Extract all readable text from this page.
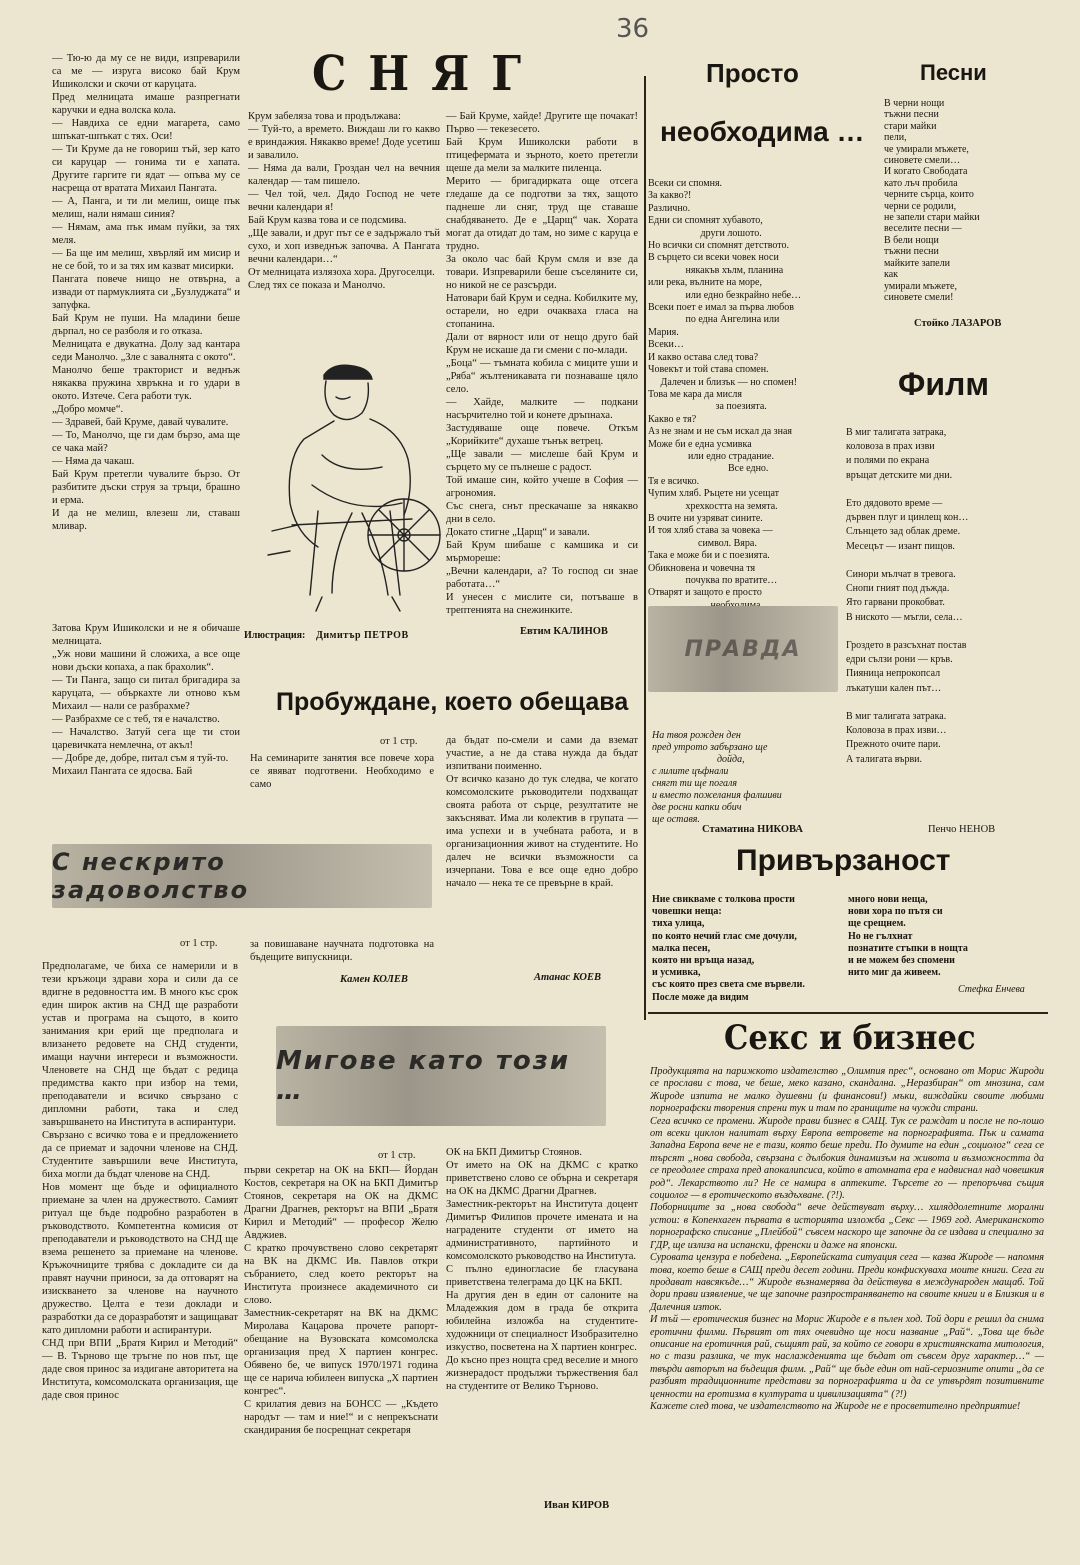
36
СНЯГ
— Тю-ю да му се не види, изпреварили са ме — изруга високо бай Крум Ишиколски и скочи от каруцата.
Пред мелницата имаше разпрегнати каручки и една волска кола.
— Навдиха се едни магарета, само шпъкат-шпъкат с тях. Оси!
— Ти Круме да не говориш тъй, зер като си каруцар — гонима ти е хапата. Другите гаргите ги ядат — опъва му се насреща от вратата Михаил Пангата.
— А, Панга, и ти ли мелиш, оище пък мелиш, нали нямаш синия?
— Нямам, ама пък имам пуйки, за тях меля.
— Ба ще им мелиш, хвърляй им мисир и не се бой, то и за тях им казват мисирки.
Пангата повече нищо не отвърна, а извади от пармуклията си „Бузлуджата“ и запуфка.
Бай Крум не пуши. На младини беше дърпал, но се разболя и го отказа.
Мелницата е двукатна. Долу зад кантара седи Манолчо. „Зле с завалнята с окото“.
Манолчо беше тракторист и веднъж някаква пружина хвръкна и го удари в окото. Изтече. Сега работи тук.
„Добро момче“.
— Здравей, бай Круме, давай чувалите.
— То, Манолчо, ще ги дам бързо, ама ще се чака май?
— Няма да чакаш.
Бай Крум претегли чувалите бързо. От разбитите дъски струя за тръци, брашно и ерма.
И да не мелиш, влезеш ли, ставаш мливар.
Затова Крум Ишиколски и не я обичаше мелницата.
„Уж нови машини й сложиха, а все още нови дъски копаха, а пак брахолик“.
— Ти Панга, защо си питал бригадира за каруцата, — объркахте ли отново към Михаил — нали се разбрахме?
— Разбрахме се с теб, тя е началство.
— Началство. Затуй сега ще ти стои царевичката немлечна, от акъл!
— Добре де, добре, питал съм я туй-то.
Михаил Пангата се ядосва. Бай
Крум забеляза това и продължава:
— Туй-то, а времето. Виждаш ли го какво е вриндажия. Някакво време! Доде усетиш и завалило.
— Няма да вали, Гроздан чел на вечния календар — там пишело.
— Чел той, чел. Дядо Господ не чете вечни календари я!
Бай Крум казва това и се подсмива.
„Ще завали, и друг път се е задържало тъй сухо, и хоп изведнъж започва. А Пангата вечни календари…“
От мелницата излязоха хора. Другоселци.
След тях се показа и Манолчо.
— Бай Круме, хайде! Другите ще почакат! Първо — текезесето.
Бай Крум Ишиколски работи в птицефермата и зърното, което претегли щеше да мели за малките пиленца.
Мерито — бригадирката още отсега гледаше да се подготви за тях, защото паднеше ли сняг, труд ще ставаше снабдяването. Де е „Царщ“ чак. Хората могат да отидат до там, но зиме с каруца е трудно.
За около час бай Крум смля и взе да товари. Изпреварили беше съселяните си, но никой не се разсърди.
Натовари бай Крум и седна. Кобилките му, остарели, но едри очакваха гласа на стопанина.
Дали от вярност или от нещо друго бай Крум не искаше да ги смени с по-млади.
„Боца“ — тъмната кобила с миците уши и „Ряба“ жълтеникавата ги познаваше цяло село.
— Хайде, малките — подкани насърчително той и конете дръпнаха.
Застудяваше още повече. Откъм „Корийките“ духаше тънък ветрец.
„Ще завали — мислеше бай Крум и сърцето му се пълнеше с радост.
Той имаше син, който учеше в София — агрономия.
Със снега, снът прескачаше за някакво дни в село.
Докато стигне „Царщ“ и завали.
Бай Крум шибаше с камшика и си мърмореше:
„Вечни календари, а? То господ си знае работата…“
И унесен с мислите си, потъваше в трептенията на снежинките.
Илюстрация: Димитър ПЕТРОВ	Евтим КАЛИНОВ
Просто
необходима …
Всеки си спомня.
За какво?!
Различно.
Едни си спомнят хубавото,
други лошото.
Но всички си спомнят детството.
В сърцето си всеки човек носи
някакъв хълм, планина
или река, вълните на море,
или едно безкрайно небе…
Всеки поет е имал за първа любов
по една Ангелина или
Мария.
Всеки…
И какво остава след това?
Човекът и той става спомен.
Далечен и близък — но спомен!
Това ме кара да мисля
за поезията.
Какво е тя?
Аз не знам и не съм искал да зная
Може би е една усмивка
или едно страдание.
Все едно.
Тя е всичко.
Чупим хляб. Ръцете ни усещат
хрехкостта на земята.
В очите ни узряват сините.
И тоя хляб става за човека —
символ. Вяра.
Така е може би и с поезията.
Обикновена и човечна тя
почуква по вратите…
Отварят и защото е просто

Песни
В черни нощи
тъжни песни
стари майки
пели,
че умирали мъжете,
синовете смели…
И когато Свободата
като лъч пробила
черните сърца, които
черни се родили,
не запели стари майки
веселите песни —
В бели нощи
тъжни песни
майките запели
как
умирали мъжете,
синовете смели!
Стойко ЛАЗАРОВ
Филм
В миг талигата затрака,
коловоза в прах изви
и полями по екрана
връщат детските ми дни.

Ето дядовото време —
дървен плуг и цинлещ кон…
Слънцето зад облак дреме.
Месецът — изант пищов.

Синори мълчат в тревога.
Снопи гният под дъжда.
Ято гарвани прокобват.
В ниското — мъгли, села…

Гроздето в разсъхнат постав
едри сълзи рони — кръв.
Пияница непрокопсал
лъкатуши кален път…

В миг талигата затрака.
Коловоза в прах изви…
Прежното очите пари.
А талигата върви.
Пенчо НЕНОВ
ПРАВДА
На твоя рожден ден
пред утрото забързано ще
дойда,
с лилите цъфнали
снягт ти ще погаля
и вместо пожелания фалшиви
две росни капки обич
ще оставя.
Стаматина НИКОВА
Привързаност
Ние свикваме с толкова прости
човешки неща:
тиха улица,
по която нечий глас сме дочули,
малка песен,
която ни връща назад,
и усмивка,
със която през света сме вървели.
После може да видим
много нови неща,
нови хора по пътя си
ще срещнем.
Но не гълхнат
познатите стъпки в нощта
и не можем без спомени
нито миг да живеем.
Стефка Енчева
Пробуждане, което обещава
от 1 стр.
На семинарите занятия все повече хора се явяват подготвени. Необходимо е само
да бъдат по-смели и сами да вземат участие, а не да става нужда да бъдат изпитвани поименно.
От всичко казано до тук следва, че когато комсомолските ръководители подхващат своята работа от сърце, резултатите не закъсняват. Има ли колектив в групата — има успехи и в учебната работа, и в организационния живот на студентите. Но далеч не всички възможности са изчерпани. Това е все още едно добро начало — нека те се превърне в край.
Атанас КОЕВ
С нескрито задоволство
от 1 стр.	за повишаване научната подготовка на бъдещите випускници.
Камен КОЛЕВ
Предполагаме, че биха се намерили и в тези кръжоци здрави хора и сили да се вдигне в редовността им. В много къс срок един широк актив на СНД ще разработи устав и програма на същото, в които занимания кри ерий ще предполага и влизането редовете на СНД студенти, имащи научни интереси и възможности. Членовете на СНД ще бъдат с редица предимства както при избор на теми, преподаватели и всичко свързано с дипломни работи, така и след завършването на Института в аспирантури.
Свързано с всичко това е и предложението да се приемат и задочни членове на СНД. Студентите завършили вече Института, биха могли да бъдат членове на СНД.
Нов момент ще бъде и официалното приемане за член на дружеството. Самият ритуал ще бъде подробно разработен в ръководството. Компетентна комисия от преподаватели и ръководството на СНД ще взема решенето за приемане на членове. Кръжочниците трябва с докладите си да правят научни приноси, за да отговарят на изискването за членове на научното дружество. Целта е тези доклади и разработки да се доразработят и защищават като дипломни работи и аспирантури.
СНД при ВПИ „Братя Кирил и Методий“ — В. Търново ще тръгне по нов път, ще даде своя принос за издигане авторитета на Института, комсомолската организация, ще даде своя принос
Мигове като този …
от 1 стр.
първи секретар на ОК на БКП— Йордан Костов, секретаря на ОК на БКП Димитър Стоянов, секретаря на ОК на ДКМС Драгни Драгнев, ректорът на ВПИ „Братя Кирил и Методий“ — професор Желю Авджиев.
С кратко прочувствено слово секретарят на ВК на ДКМС Ив. Павлов откри събранието, след което ректорът на Института произнесе академичното си слово.
Заместник-секретарят на ВК на ДКМС Миролава Кацарова прочете рапорт-обещание на Вузовската комсомолска организация пред X партиен конгрес. Обявено бе, че випуск 1970/1971 година ще се нарича юбилеен випуска „X партиен конгрес“.
С крилатия девиз на БОНСС — „Където народът — там и ние!“ и с непрекъснати скандирания бе посрещнат секретаря
ОК на БКП Димитър Стоянов.
От името на ОК на ДКМС с кратко приветствено слово се обърна и секретаря на ОК на ДКМС Драгни Драгнев.
Заместник-ректорът на Института доцент Димитър Филипов прочете имената и на наградените студенти от името на административното, партийното и комсомолското ръководство на Института.
С пълно единогласие бе гласувана приветствена телеграма до ЦК на БКП.
На другия ден в един от салоните на Младежкия дом в града бе открита юбилейна изложба на студентите-художници от специалност Изобразително изкуство, посветена на X партиен конгрес.
До късно през нощта сред веселие и много жизнерадост продължи тържествения бал на студентите от Велико Търново.
Иван КИРОВ
Секс и бизнес
Продукцията на парижкото издателство „Олимпия прес“, основано от Морис Жироди се прослави с това, че беше, меко казано, скандална. „Неразбиран“ от мнозина, сам Жироде изпита не малко душевни (и финансови!) мъки, виждайки своите любими порнографски творения спрени тук и там по границите на чужди страни.
Сега всичко се промени. Жироде прави бизнес в САЩ. Тук се раждат и после не по-лошо от всеки циклон налитат върху Европа ветровете на порнографията. Пък и самата Западна Европа вече не е тази, която беше преди. По думите на един „социолог“ сега се търсят „нова свобода, свързана с дълбокия динамизъм на живота и възможността да се преодолее страха пред апокалипсиса, който в атомната ера е надвиснал над човешкия род“. Лекарството ли? Не се намира в аптеките. Търсете го — препоръчва същия социолог — в еротическото въздъхване. (?!).
Поборниците за „нова свобода“ вече действуват върху… хиляддолетните морални устои: в Копенхаген първата в историята изложба „Секс — 1969 год. Американското порнографско списание „Плейбой“ съвсем наскоро ще започне да се издава и специално за ГДР, ще излиза на испански, френски и даже на японски.
Суровата цензура е победена. „Европейската ситуация сега — казва Жироде — напомня това, което беше в САЩ преди десет години. Преди конфискуваха моите книги. Сега ги продават навсякъде…“ Жироде възнамерява да действува в международен мащаб. Той дори прави изявление, че ще започне разпространяването на своите книги и в Близкия и в Далечния изток.
И тъй — еротическия бизнес на Морис Жироде е в пълен ход. Той дори е решил да снима еротични филми. Първият от тях очевидно ще носи название „Рай“. „Това ще бъде описание на еротичния рай, същият рай, за който се говори в християнската митология, но с тази разлика, че тук наслажденията ще бъдат от съвсем друг характер…“ — твърди авторът на бъдещия филм. „Рай“ ще бъде един от най-сериозните опити „да се разбият традиционните представи за порнографията и да се утвърдят позитивните ценности на еротизма в културата и цивилизацията“ (?!)
Кажете след това, че издателството на Жироде не е просветително предприятие!
